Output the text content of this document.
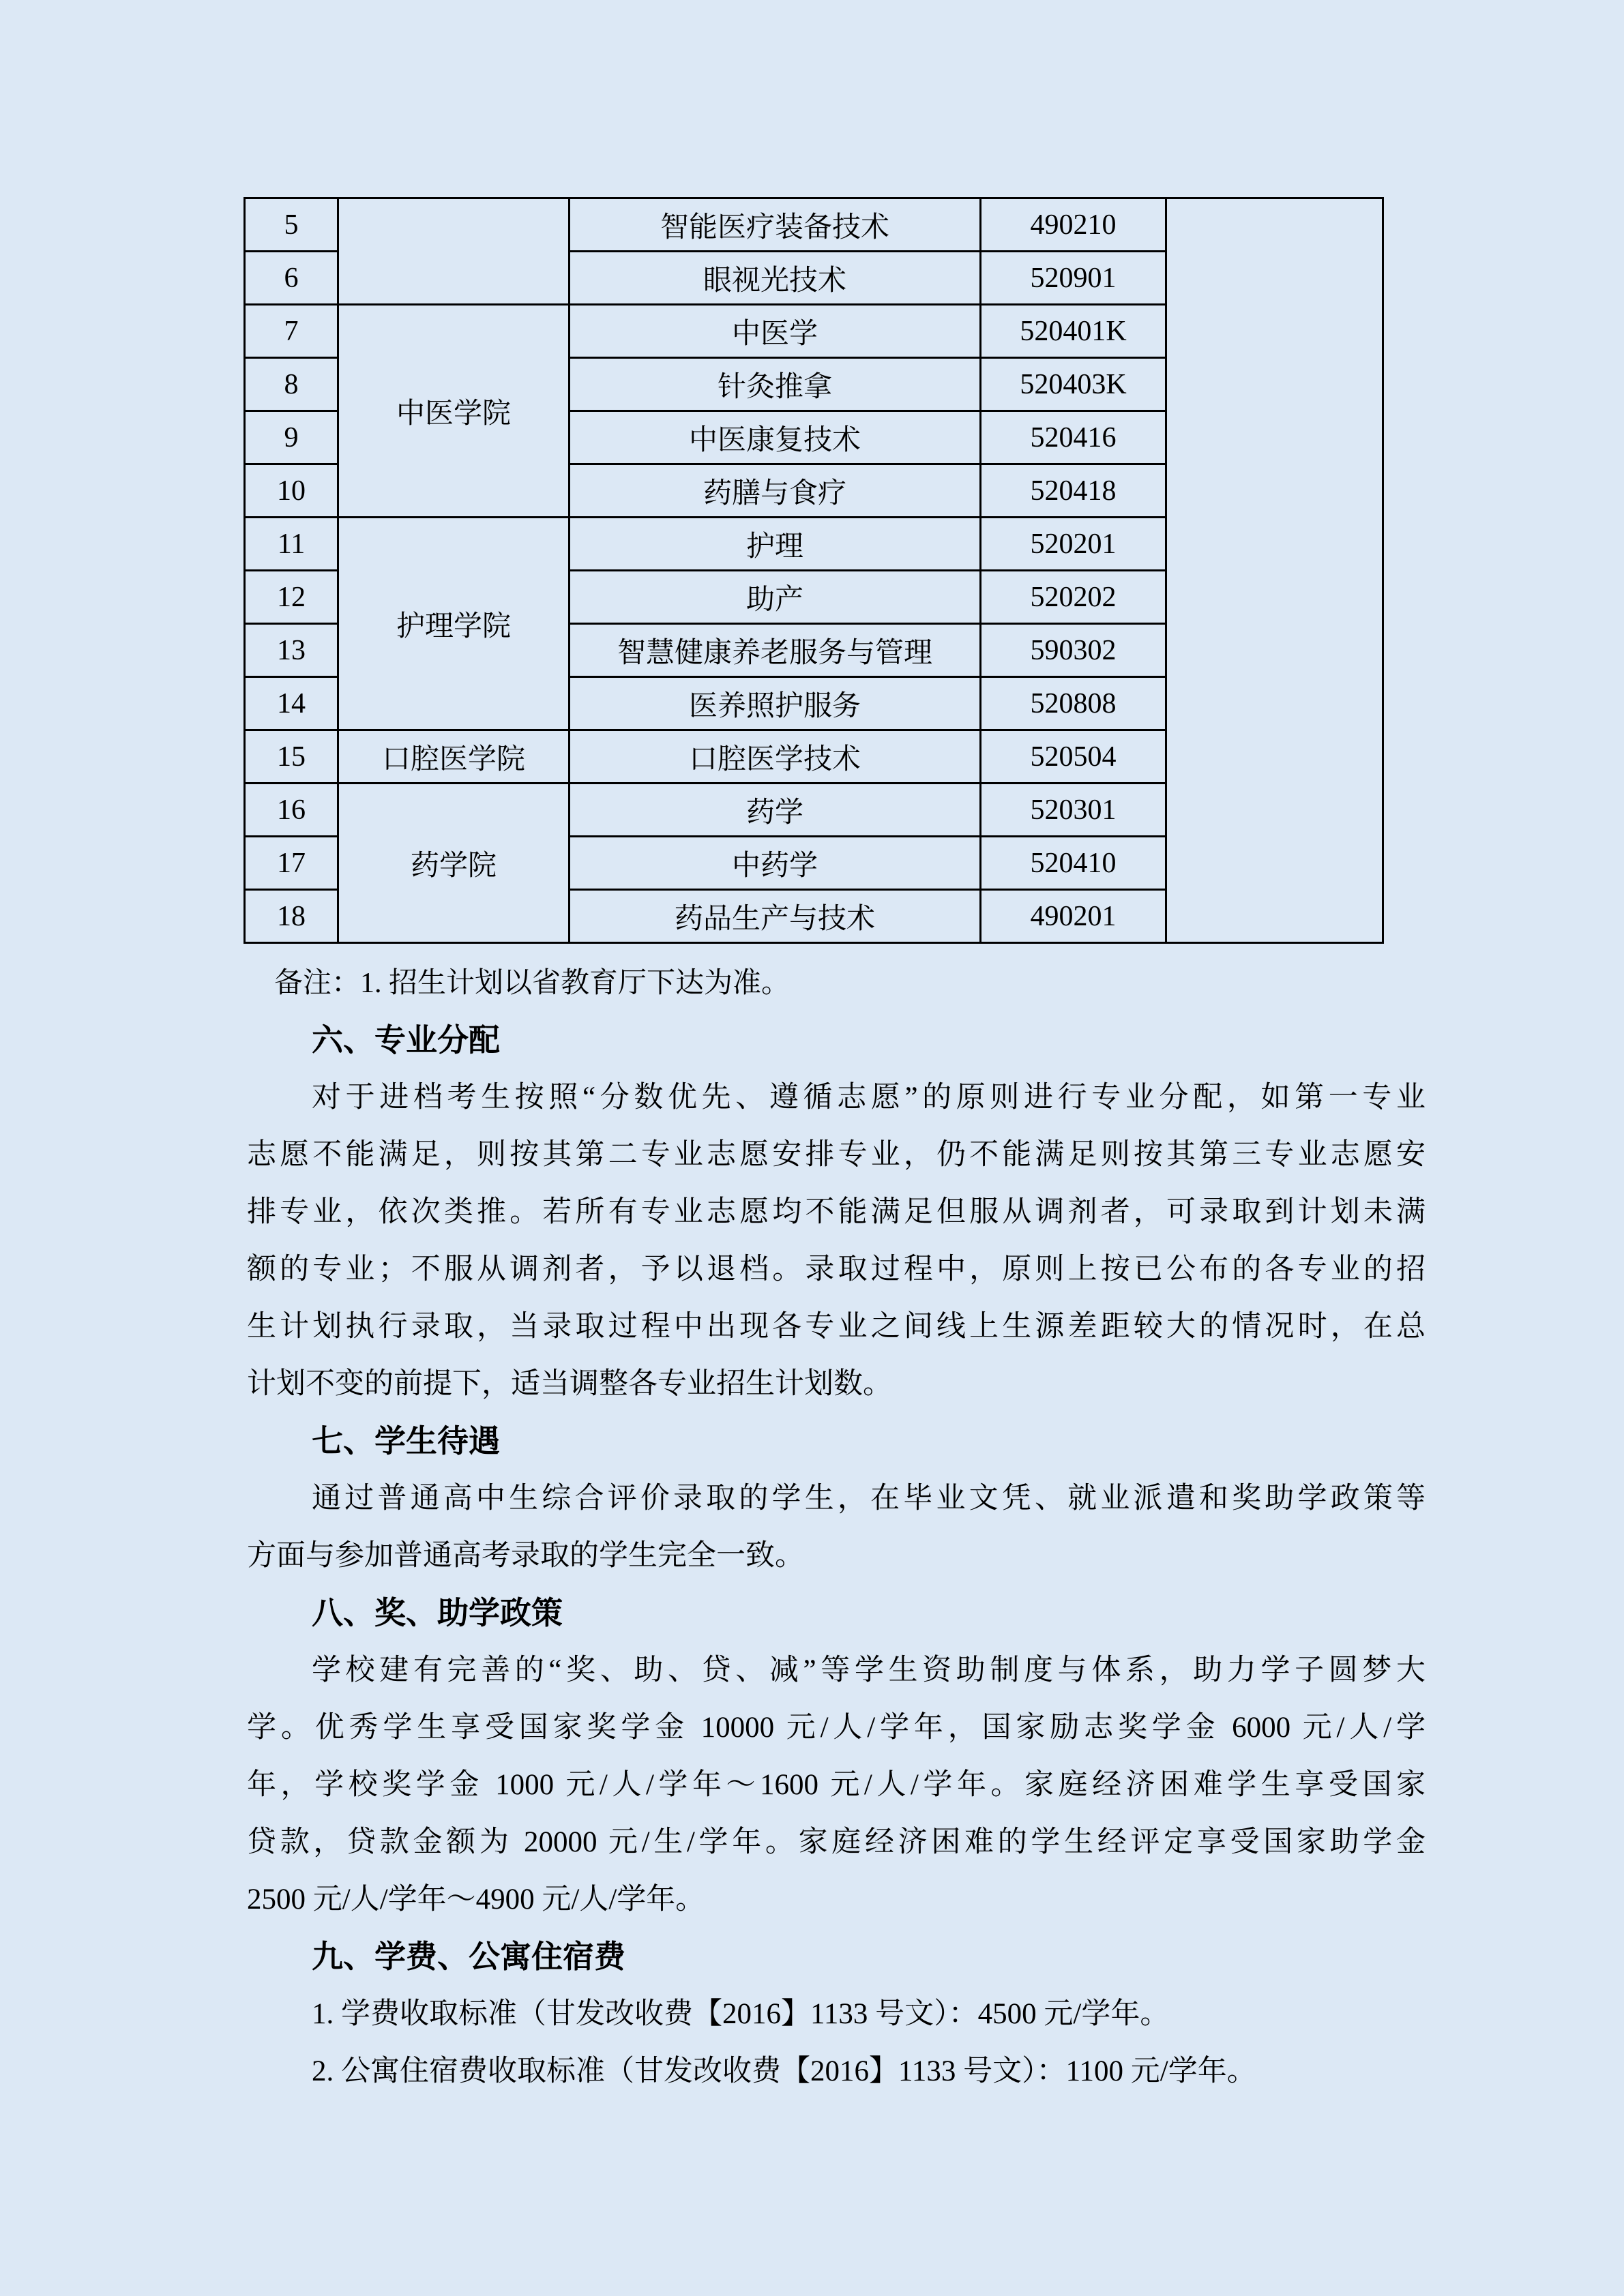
5		智能医疗装备技术	490210	
6		眼视光技术	520901	
7	中医学院	中医学	520401K	
8		针灸推拿	520403K	
9		中医康复技术	520416	
10		药膳与食疗	520418	
11	护理学院	护理	520201	
12		助产	520202	
13		智慧健康养老服务与管理	590302	
14		医养照护服务	520808	
15	口腔医学院	口腔医学技术	520504	
16	药学院	药学	520301	
17		中药学	520410	
18		药品生产与技术	490201	
备注：1. 招生计划以省教育厅下达为准。
六、专业分配
对于进档考生按照“分数优先、遵循志愿”的原则进行专业分配，如第一专业
志愿不能满足，则按其第二专业志愿安排专业，仍不能满足则按其第三专业志愿安
排专业，依次类推。若所有专业志愿均不能满足但服从调剂者，可录取到计划未满
额的专业；不服从调剂者，予以退档。录取过程中，原则上按已公布的各专业的招
生计划执行录取，当录取过程中出现各专业之间线上生源差距较大的情况时，在总
计划不变的前提下，适当调整各专业招生计划数。
七、学生待遇
通过普通高中生综合评价录取的学生，在毕业文凭、就业派遣和奖助学政策等
方面与参加普通高考录取的学生完全一致。
八、奖、助学政策
学校建有完善的“奖、助、贷、减”等学生资助制度与体系，助力学子圆梦大
学。优秀学生享受国家奖学金 10000 元/人/学年，国家励志奖学金 6000 元/人/学
年，学校奖学金 1000 元/人/学年～1600 元/人/学年。家庭经济困难学生享受国家
贷款，贷款金额为 20000 元/生/学年。家庭经济困难的学生经评定享受国家助学金
2500 元/人/学年～4900 元/人/学年。
九、学费、公寓住宿费
1. 学费收取标准（甘发改收费【2016】1133 号文）：4500 元/学年。
2. 公寓住宿费收取标准（甘发改收费【2016】1133 号文）：1100 元/学年。
